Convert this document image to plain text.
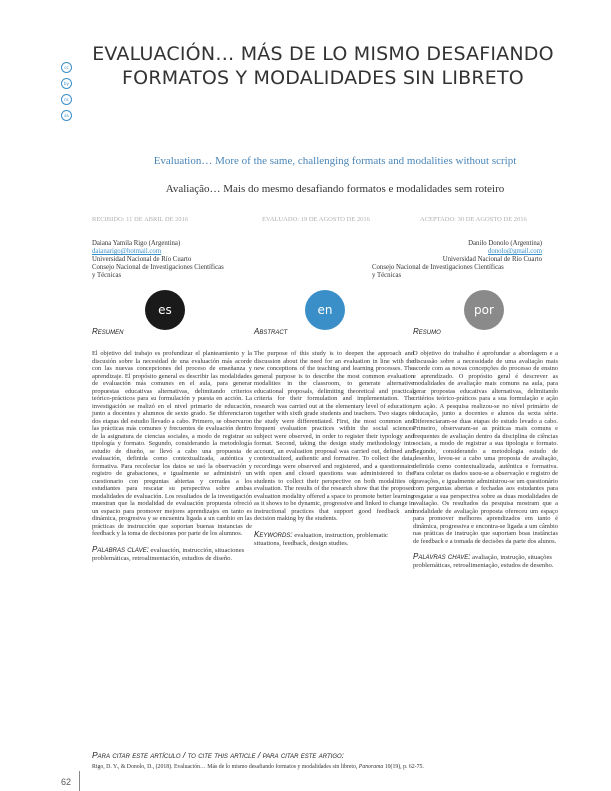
cc
by
nc
sa
EVALUACIÓN… MÁS DE LO MISMO DESAFIANDO FORMATOS Y MODALIDADES SIN LIBRETO
Evaluation… More of the same, challenging formats and modalities without script
Avaliação… Mais do mesmo desafiando formatos e modalidades sem roteiro
RECIBIDO: 11 DE ABRIL DE 2016	EVALUADO: 19 DE AGOSTO DE 2016	ACEPTADO: 30 DE AGOSTO DE 2016
Daiana Yamila Rigo (Argentina)
daianarigo@hotmail.com
Universidad Nacional de Río Cuarto
Consejo Nacional de Investigaciones Científicas
y Técnicas
Danilo Donolo (Argentina)
donolo@gmail.com
Universidad Nacional de Río Cuarto
Consejo Nacional de Investigaciones Científicas
y Técnicas
es	en	por
Resumen
El objetivo del trabajo es profundizar el planteamiento y la discusión sobre la necesidad de una evaluación más acorde con las nuevas concepciones del proceso de enseñanza y aprendizaje. El propósito general es describir las modalidades de evaluación más comunes en el aula, para generar propuestas educativas alternativas, delimitando criterios teórico-prácticos para su formulación y puesta en acción. La investigación se realizó en el nivel primario de educación, junto a docentes y alumnos de sexto grado. Se diferenciaron dos etapas del estudio llevado a cabo. Primero, se observaron las prácticas más comunes y frecuentes de evaluación dentro de la asignatura de ciencias sociales, a modo de registrar su tipología y formato. Segundo, considerando la metodología estudio de diseño, se llevó a cabo una propuesta de evaluación, definida como contextualizada, auténtica y formativa. Para recolectar los datos se usó la observación y registro de grabaciones, e igualmente se administró un cuestionario con preguntas abiertas y cerradas a los estudiantes para rescatar su perspectiva sobre ambas modalidades de evaluación. Los resultados de la investigación muestran que la modalidad de evaluación propuesta ofreció un espacio para promover mejores aprendizajes en tanto es dinámica, progresiva y se encuentra ligada a un cambio en las prácticas de instrucción que soportan buenas instancias de feedback y la toma de decisiones por parte de los alumnos.
Palabras clave: evaluación, instrucción, situaciones problemáticas, retroalimentación, estudios de diseño.
Abstract
The purpose of this study is to deepen the approach and discussion about the need for an evaluation in line with the new conceptions of the teaching and learning processes. The general purpose is to describe the most common evaluation modalities in the classroom, to generate alternative educational proposals, delimiting theoretical and practical criteria for their formulation and implementation. The research was carried out at the elementary level of education, together with sixth grade students and teachers. Two stages of the study were differentiated. First, the most common and frequent evaluation practices within the social sciences subject were observed, in order to register their typology and format. Second, taking the design study methodology into account, an evaluation proposal was carried out, defined and contextualized, authentic and formative. To collect the data, recordings were observed and registered, and a questionnaire with open and closed questions was administered to the students to collect their perspective on both modalities of evaluation. The results of the research show that the proposed evaluation modality offered a space to promote better learning as it shows to be dynamic, progressive and linked to change in instructional practices that support good feedback and decision making by the students.
Keywords: evaluation, instruction, problematic situations, feedback, design studies.
Resumo
O objetivo do trabalho é aprofundar a abordagem e a discussão sobre a necessidade de uma avaliação mais acorde com as novas concepções do processo de ensino e aprendizado. O propósito geral é descrever as modalidades de avaliação mais comuns na aula, para gerar propostas educativas alternativas, delimitando critérios teórico-práticos para a sua formulação e ação em ação. A pesquisa realizou-se no nível primário de educação, junto a docentes e alunos da sexta série. Diferenciaram-se duas etapas do estudo levado a cabo. Primeiro, observaram-se as práticas mais comuns e frequentes de avaliação dentro da disciplina de ciências sociais, a modo de registrar a sua tipologia e formato. Segundo, considerando a metodologia estudo de desenho, levou-se a cabo uma proposta de avaliação, definida como contextualizada, autêntica e formativa. Para coletar os dados usou-se a observação e registro de gravações, e igualmente administrou-se um questionário com perguntas abertas e fechadas aos estudantes para resgatar a sua perspectiva sobre as duas modalidades de avaliação. Os resultados da pesquisa mostram que a modalidade de avaliação proposta ofereceu um espaço para promover melhores aprendizados em tanto é dinâmica, progressiva e encontra-se ligada a um câmbio nas práticas de instrução que suportam boas instâncias de feedback e a tomada de decisões da parte dos alunos.
Palavras chave: avaliação, instrução, situações problemáticas, retroalimentação, estudos de desenho.
Para citar este artículo / to cite this article / para citar este artigo:
Rigo, D. Y., & Donolo, D., (2018). Evaluación… Más de lo mismo desafiando formatos y modalidades sin libreto, Panorama 10(19), p. 62-75.
62
